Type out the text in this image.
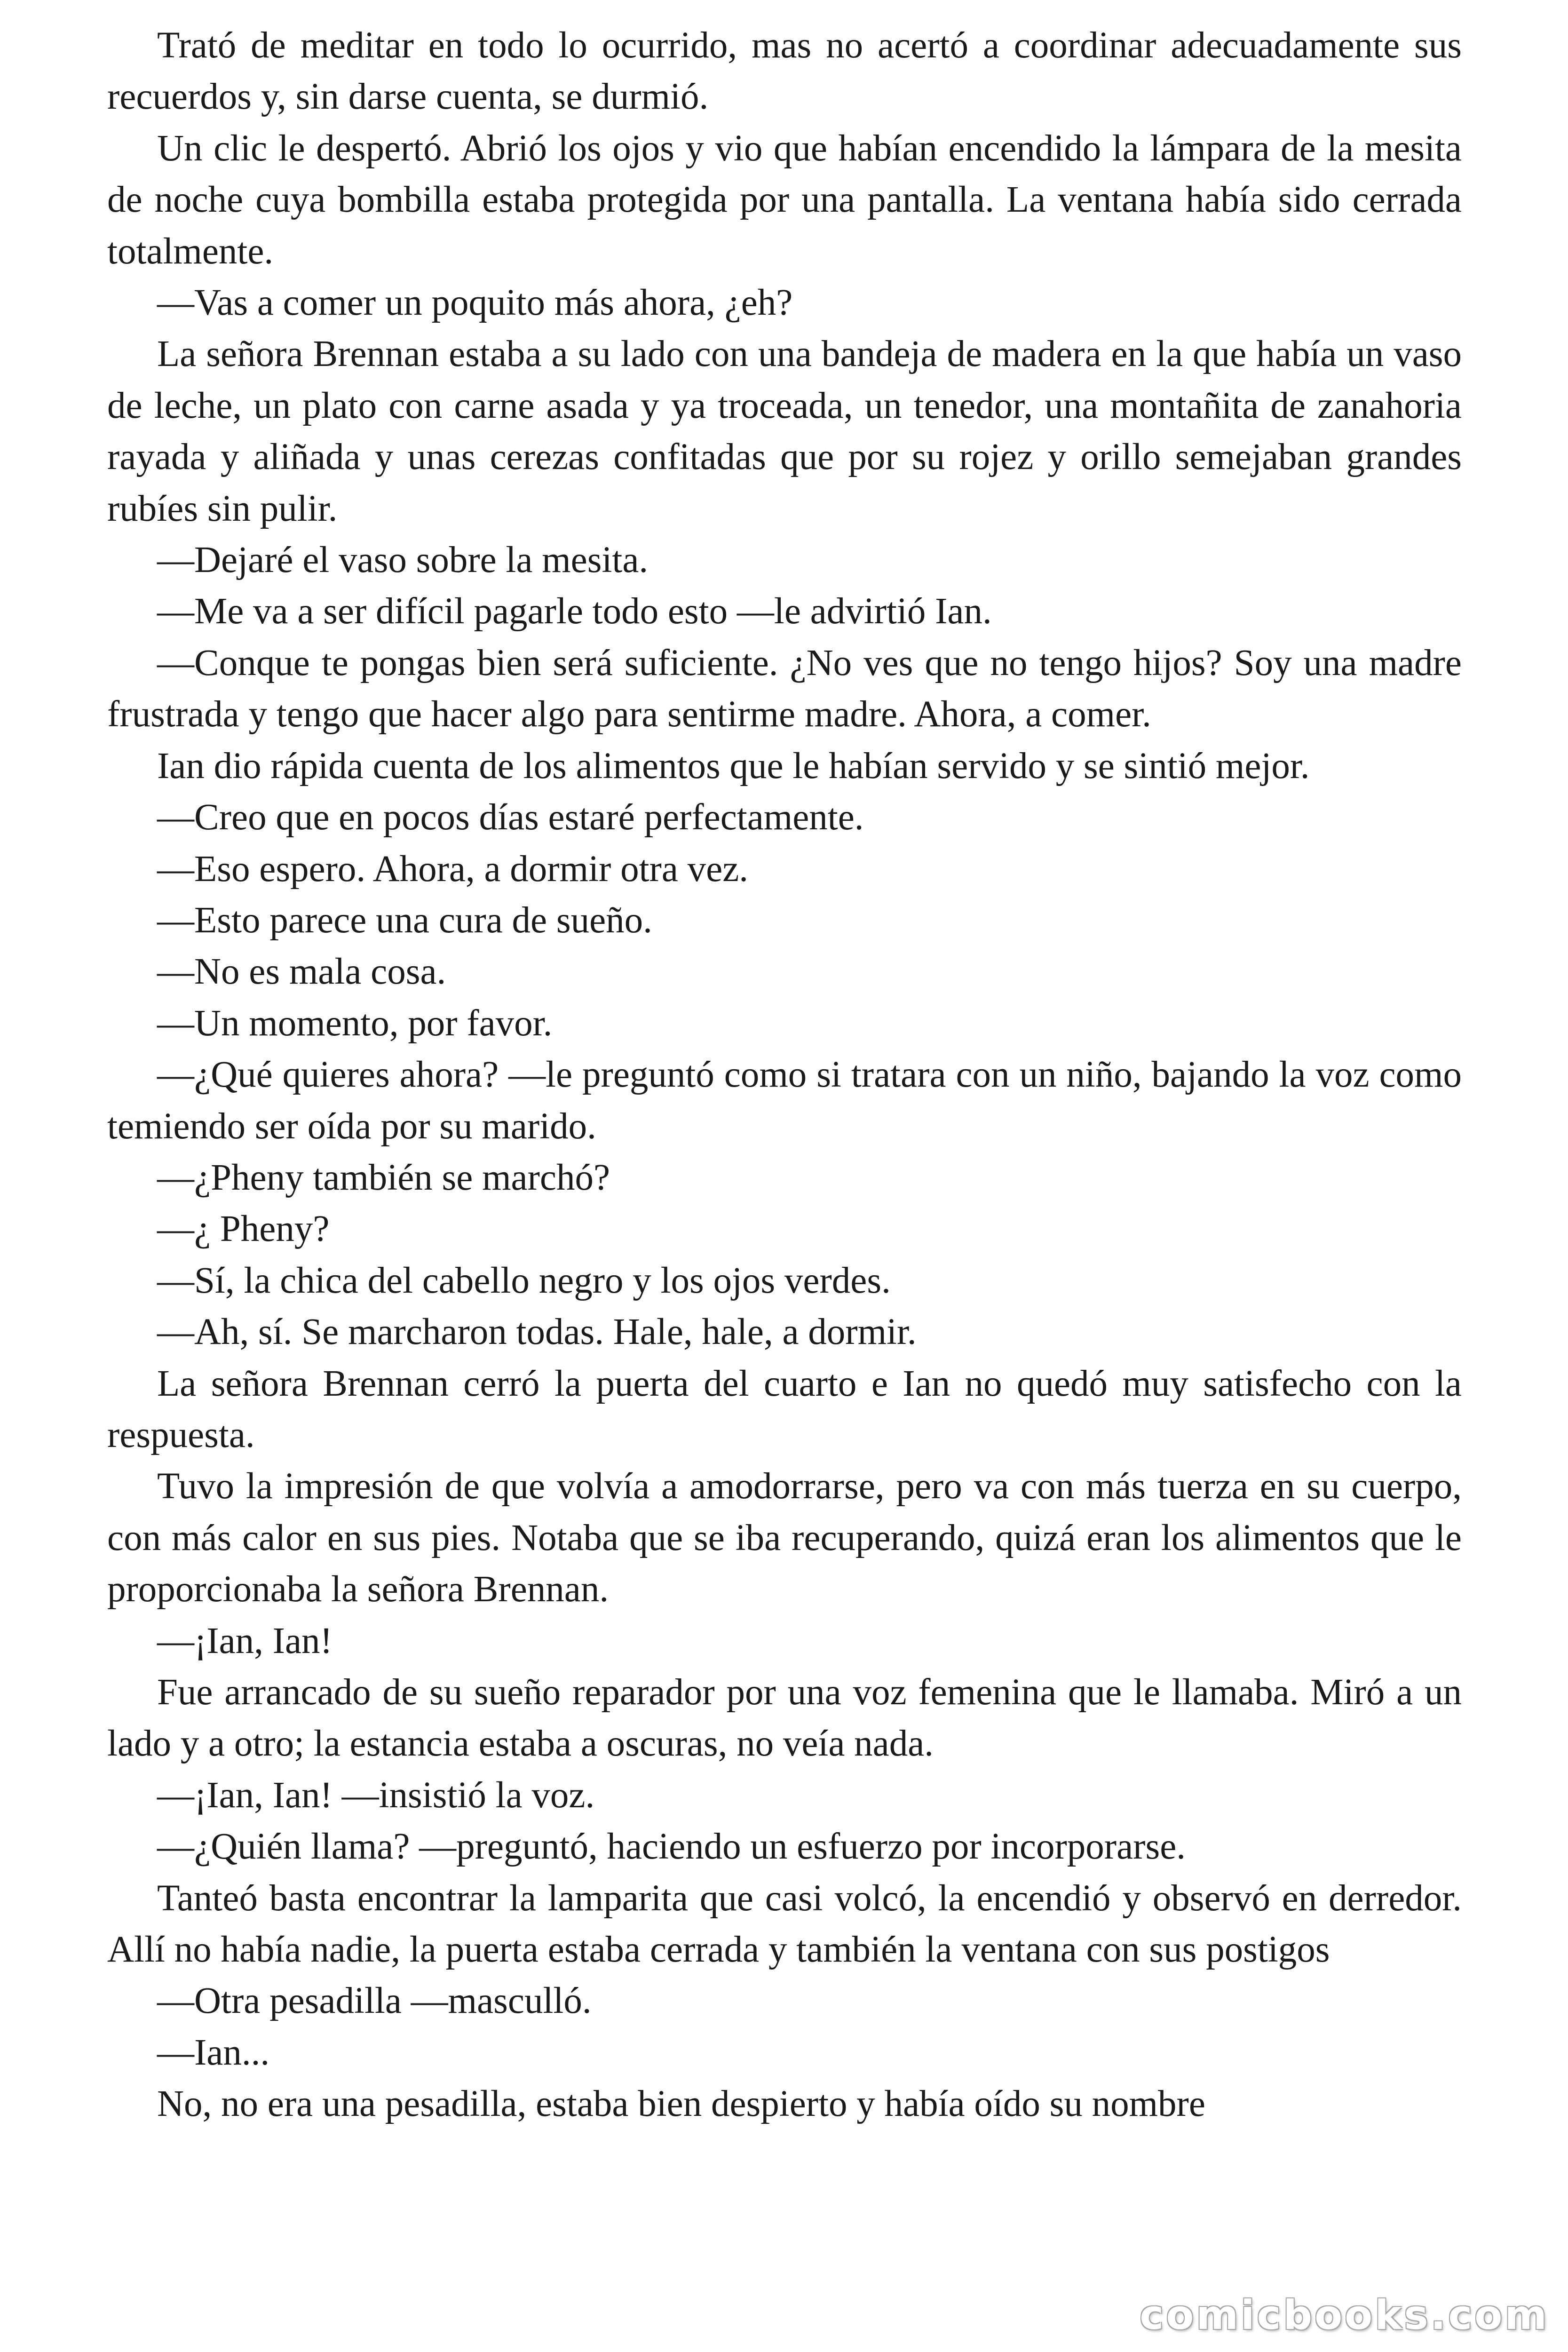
Trató de meditar en todo lo ocurrido, mas no acertó a coordinar adecuadamente sus recuerdos y, sin darse cuenta, se durmió.

Un clic le despertó. Abrió los ojos y vio que habían encendido la lámpara de la mesita de noche cuya bombilla estaba protegida por una pantalla. La ventana había sido cerrada totalmente.

—Vas a comer un poquito más ahora, ¿eh?

La señora Brennan estaba a su lado con una bandeja de madera en la que había un vaso de leche, un plato con carne asada y ya troceada, un tenedor, una montañita de zanahoria rayada y aliñada y unas cerezas confitadas que por su rojez y orillo semejaban grandes rubíes sin pulir.

—Dejaré el vaso sobre la mesita.

—Me va a ser difícil pagarle todo esto —le advirtió Ian.

—Conque te pongas bien será suficiente. ¿No ves que no tengo hijos? Soy una madre frustrada y tengo que hacer algo para sentirme madre. Ahora, a comer.

Ian dio rápida cuenta de los alimentos que le habían servido y se sintió mejor.

—Creo que en pocos días estaré perfectamente.

—Eso espero. Ahora, a dormir otra vez.

—Esto parece una cura de sueño.

—No es mala cosa.

—Un momento, por favor.

—¿Qué quieres ahora? —le preguntó como si tratara con un niño, bajando la voz como temiendo ser oída por su marido.

—¿Pheny también se marchó?

—¿ Pheny?

—Sí, la chica del cabello negro y los ojos verdes.

—Ah, sí. Se marcharon todas. Hale, hale, a dormir.

La señora Brennan cerró la puerta del cuarto e Ian no quedó muy satisfecho con la respuesta.

Tuvo la impresión de que volvía a amodorrarse, pero va con más tuerza en su cuerpo, con más calor en sus pies. Notaba que se iba recuperando, quizá eran los alimentos que le proporcionaba la señora Brennan.

—¡Ian, Ian!

Fue arrancado de su sueño reparador por una voz femenina que le llamaba. Miró a un lado y a otro; la estancia estaba a oscuras, no veía nada.

—¡Ian, Ian! —insistió la voz.

—¿Quién llama? —preguntó, haciendo un esfuerzo por incorporarse.

Tanteó basta encontrar la lamparita que casi volcó, la encendió y observó en derredor. Allí no había nadie, la puerta estaba cerrada y también la ventana con sus postigos

—Otra pesadilla —masculló.

—Ian...

No, no era una pesadilla, estaba bien despierto y había oído su nombre

comicbooks.com
